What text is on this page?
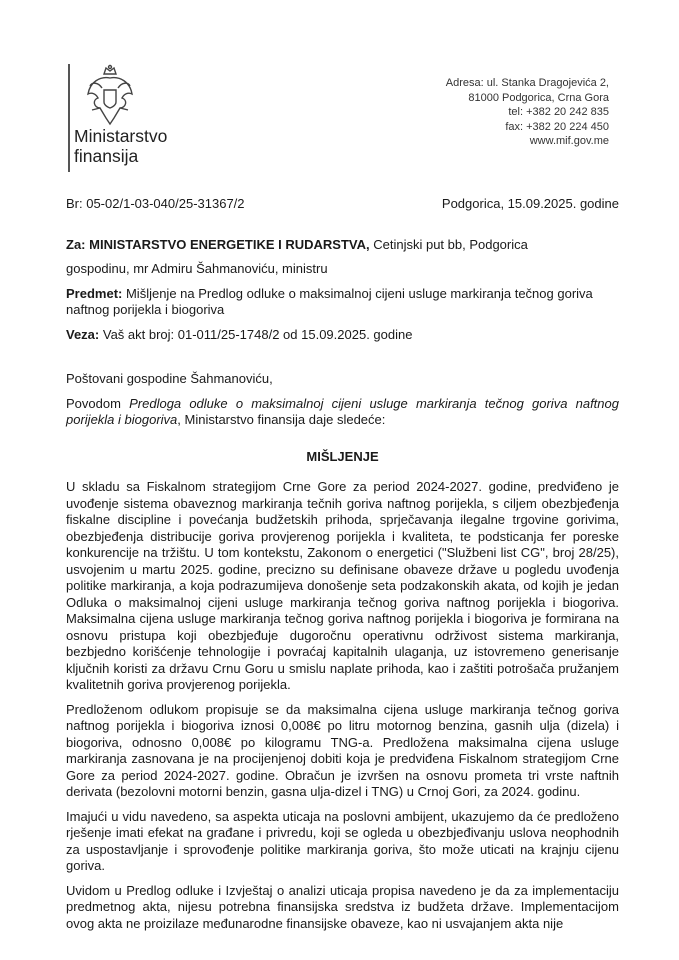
Ministarstvo
finansija
Adresa: ul. Stanka Dragojevića 2,
81000 Podgorica, Crna Gora
tel: +382 20 242 835
fax: +382 20 224 450
www.mif.gov.me
Br: 05-02/1-03-040/25-31367/2	Podgorica, 15.09.2025. godine
Za: MINISTARSTVO ENERGETIKE I RUDARSTVA, Cetinjski put bb, Podgorica
gospodinu, mr Admiru Šahmanoviću, ministru
Predmet: Mišljenje na Predlog odluke o maksimalnoj cijeni usluge markiranja tečnog goriva naftnog porijekla i biogoriva
Veza: Vaš akt broj: 01-011/25-1748/2 od 15.09.2025. godine
Poštovani gospodine Šahmanoviću,
Povodom Predloga odluke o maksimalnoj cijeni usluge markiranja tečnog goriva naftnog porijekla i biogoriva, Ministarstvo finansija daje sledeće:
MIŠLJENJE
U skladu sa Fiskalnom strategijom Crne Gore za period 2024-2027. godine, predviđeno je uvođenje sistema obaveznog markiranja tečnih goriva naftnog porijekla, s ciljem obezbjeđenja fiskalne discipline i povećanja budžetskih prihoda, sprječavanja ilegalne trgovine gorivima, obezbjeđenja distribucije goriva provjerenog porijekla i kvaliteta, te podsticanja fer poreske konkurencije na tržištu. U tom kontekstu, Zakonom o energetici ("Službeni list CG", broj 28/25), usvojenim u martu 2025. godine, precizno su definisane obaveze države u pogledu uvođenja politike markiranja, a koja podrazumijeva donošenje seta podzakonskih akata, od kojih je jedan Odluka o maksimalnoj cijeni usluge markiranja tečnog goriva naftnog porijekla i biogoriva. Maksimalna cijena usluge markiranja tečnog goriva naftnog porijekla i biogoriva je formirana na osnovu pristupa koji obezbjeđuje dugoročnu operativnu održivost sistema markiranja, bezbjedno korišćenje tehnologije i povraćaj kapitalnih ulaganja, uz istovremeno generisanje ključnih koristi za državu Crnu Goru u smislu naplate prihoda, kao i zaštiti potrošača pružanjem kvalitetnih goriva provjerenog porijekla.
Predloženom odlukom propisuje se da maksimalna cijena usluge markiranja tečnog goriva naftnog porijekla i biogoriva iznosi 0,008€ po litru motornog benzina, gasnih ulja (dizela) i biogoriva, odnosno 0,008€ po kilogramu TNG-a. Predložena maksimalna cijena usluge markiranja zasnovana je na procijenjenoj dobiti koja je predviđena Fiskalnom strategijom Crne Gore za period 2024-2027. godine. Obračun je izvršen na osnovu prometa tri vrste naftnih derivata (bezolovni motorni benzin, gasna ulja-dizel i TNG) u Crnoj Gori, za 2024. godinu.
Imajući u vidu navedeno, sa aspekta uticaja na poslovni ambijent, ukazujemo da će predloženo rješenje imati efekat na građane i privredu, koji se ogleda u obezbjeđivanju uslova neophodnih za uspostavljanje i sprovođenje politike markiranja goriva, što može uticati na krajnju cijenu goriva.
Uvidom u Predlog odluke i Izvještaj o analizi uticaja propisa navedeno je da za implementaciju predmetnog akta, nijesu potrebna finansijska sredstva iz budžeta države. Implementacijom ovog akta ne proizilaze međunarodne finansijske obaveze, kao ni usvajanjem akta nije
